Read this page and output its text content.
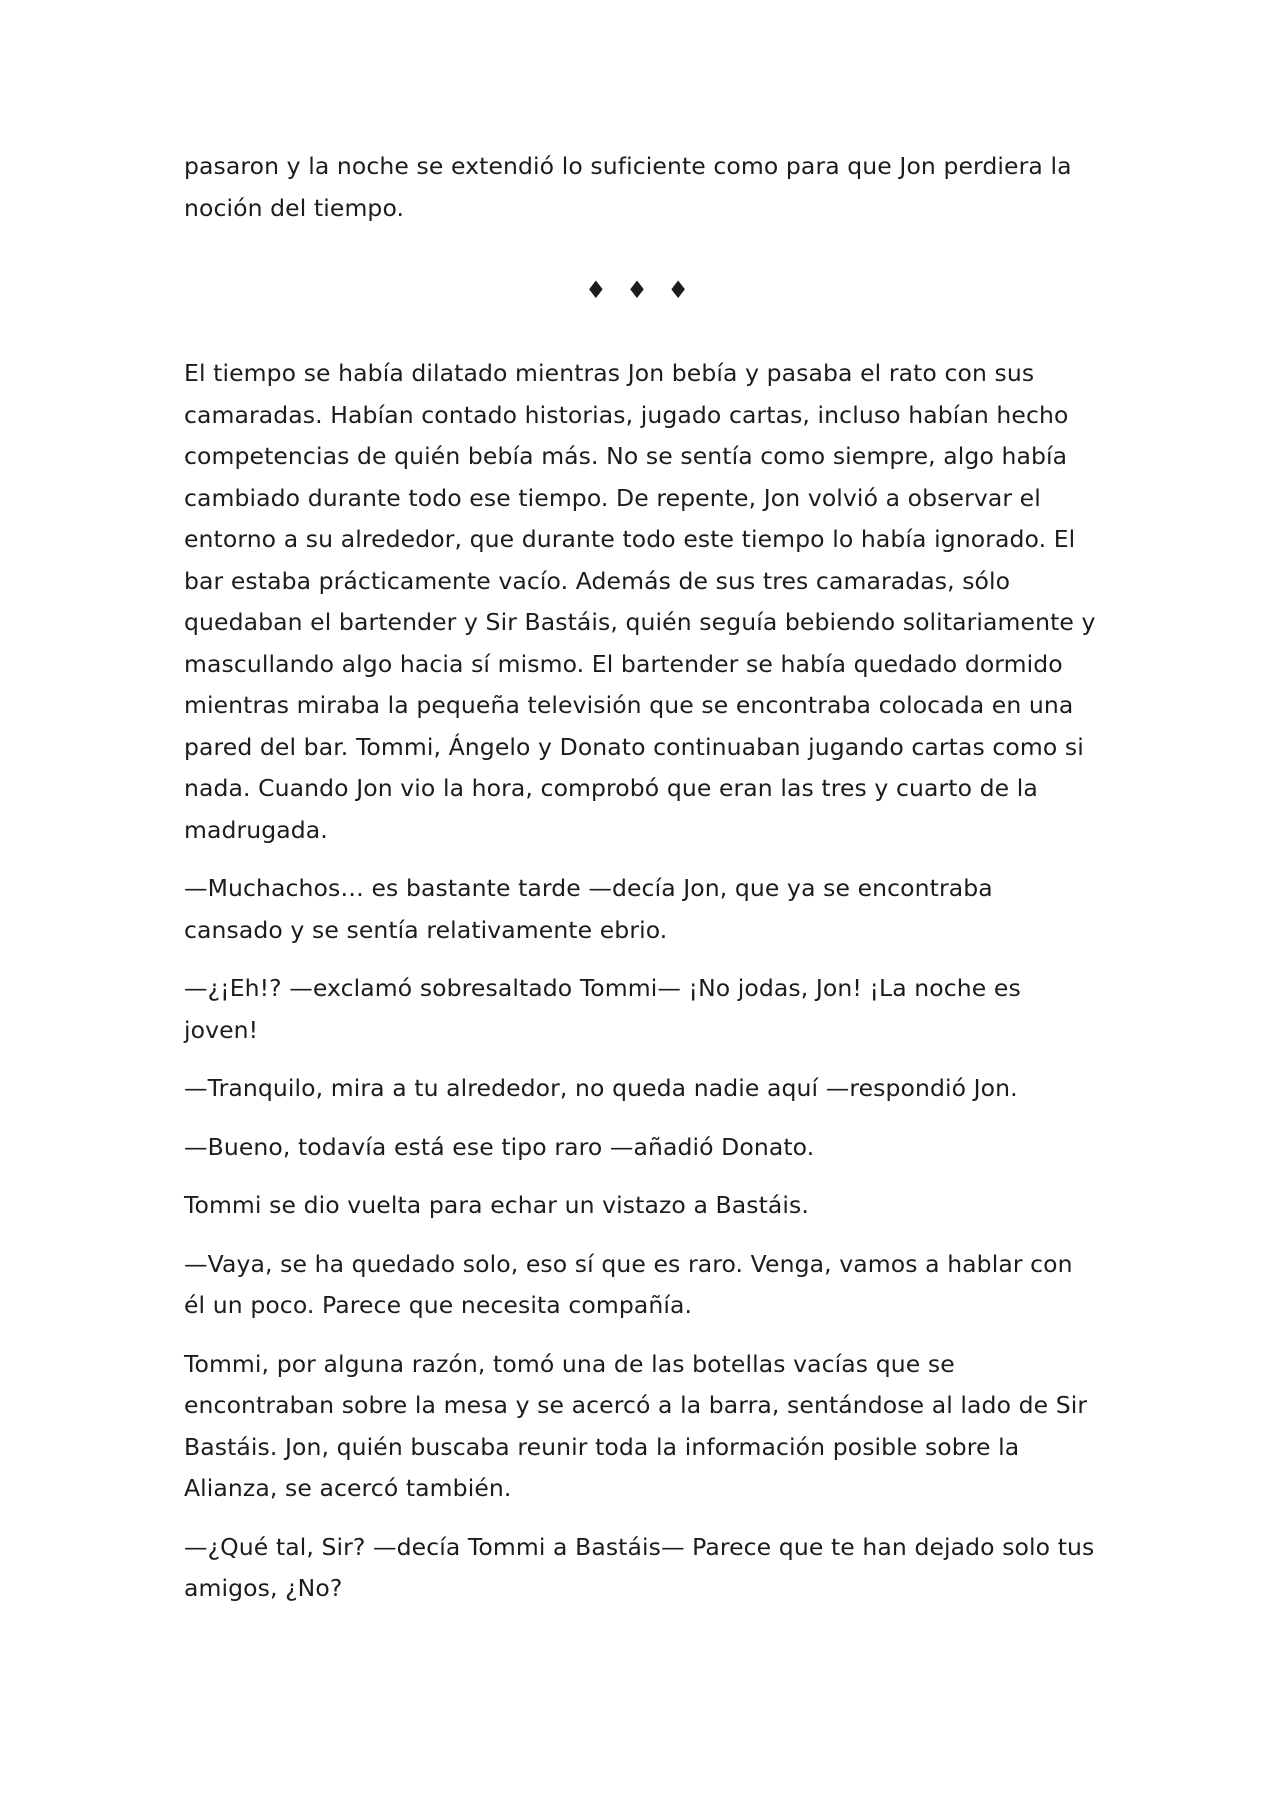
pasaron y la noche se extendió lo suficiente como para que Jon perdiera la noción del tiempo.

♦ ♦ ♦

El tiempo se había dilatado mientras Jon bebía y pasaba el rato con sus camaradas. Habían contado historias, jugado cartas, incluso habían hecho competencias de quién bebía más. No se sentía como siempre, algo había cambiado durante todo ese tiempo. De repente, Jon volvió a observar el entorno a su alrededor, que durante todo este tiempo lo había ignorado. El bar estaba prácticamente vacío. Además de sus tres camaradas, sólo quedaban el bartender y Sir Bastáis, quién seguía bebiendo solitariamente y mascullando algo hacia sí mismo. El bartender se había quedado dormido mientras miraba la pequeña televisión que se encontraba colocada en una pared del bar. Tommi, Ángelo y Donato continuaban jugando cartas como si nada. Cuando Jon vio la hora, comprobó que eran las tres y cuarto de la madrugada.

—Muchachos… es bastante tarde —decía Jon, que ya se encontraba cansado y se sentía relativamente ebrio.

—¿¡Eh!? —exclamó sobresaltado Tommi— ¡No jodas, Jon! ¡La noche es joven!

—Tranquilo, mira a tu alrededor, no queda nadie aquí —respondió Jon.

—Bueno, todavía está ese tipo raro —añadió Donato.

Tommi se dio vuelta para echar un vistazo a Bastáis.

—Vaya, se ha quedado solo, eso sí que es raro. Venga, vamos a hablar con él un poco. Parece que necesita compañía.

Tommi, por alguna razón, tomó una de las botellas vacías que se encontraban sobre la mesa y se acercó a la barra, sentándose al lado de Sir Bastáis. Jon, quién buscaba reunir toda la información posible sobre la Alianza, se acercó también.

—¿Qué tal, Sir? —decía Tommi a Bastáis— Parece que te han dejado solo tus amigos, ¿No?
